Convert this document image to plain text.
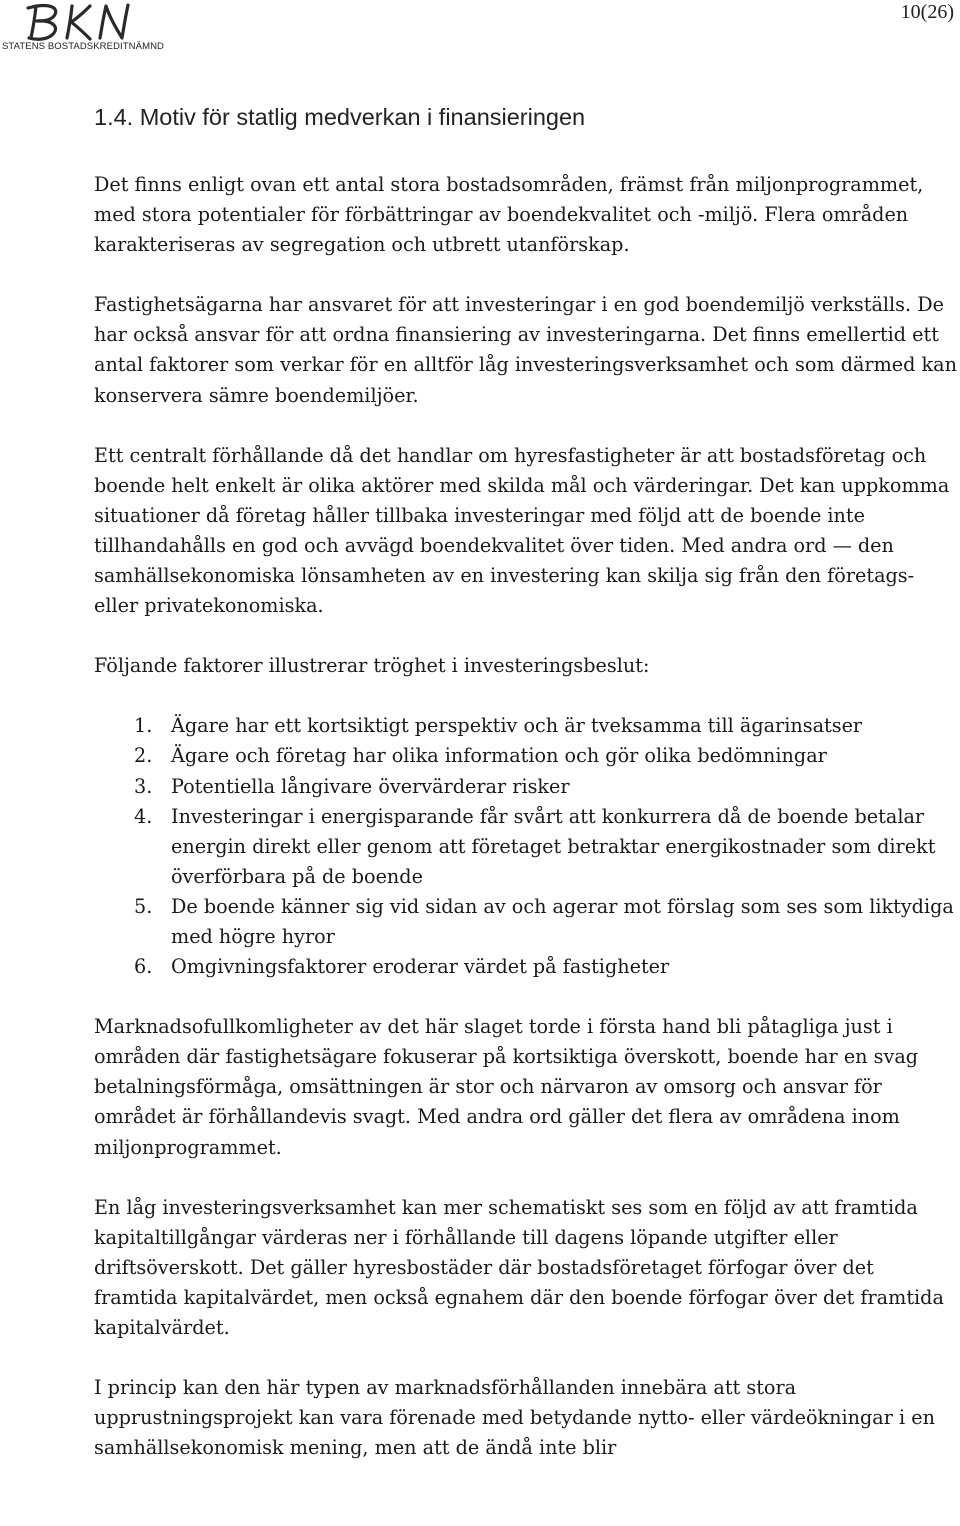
STATENS BOSTADSKREDITNÄMND
10(26)
1.4. Motiv för statlig medverkan i finansieringen

Det finns enligt ovan ett antal stora bostadsområden, främst från miljonprogrammet, med stora potentialer för förbättringar av boendekvalitet och -miljö. Flera områden karakteriseras av segregation och utbrett utanförskap.

Fastighetsägarna har ansvaret för att investeringar i en god boendemiljö verkställs. De har också ansvar för att ordna finansiering av investeringarna. Det finns emellertid ett antal faktorer som verkar för en alltför låg investeringsverksamhet och som därmed kan konservera sämre boendemiljöer.

Ett centralt förhållande då det handlar om hyresfastigheter är att bostadsföretag och boende helt enkelt är olika aktörer med skilda mål och värderingar. Det kan uppkomma situationer då företag håller tillbaka investeringar med följd att de boende inte tillhandahålls en god och avvägd boendekvalitet över tiden. Med andra ord — den samhällsekonomiska lönsamheten av en investering kan skilja sig från den företags- eller privatekonomiska.

Följande faktorer illustrerar tröghet i investeringsbeslut:

1. Ägare har ett kortsiktigt perspektiv och är tveksamma till ägarinsatser
2. Ägare och företag har olika information och gör olika bedömningar
3. Potentiella långivare övervärderar risker
4. Investeringar i energisparande får svårt att konkurrera då de boende betalar energin direkt eller genom att företaget betraktar energikostnader som direkt överförbara på de boende
5. De boende känner sig vid sidan av och agerar mot förslag som ses som liktydiga med högre hyror
6. Omgivningsfaktorer eroderar värdet på fastigheter

Marknadsofullkomligheter av det här slaget torde i första hand bli påtagliga just i områden där fastighetsägare fokuserar på kortsiktiga överskott, boende har en svag betalningsförmåga, omsättningen är stor och närvaron av omsorg och ansvar för området är förhållandevis svagt. Med andra ord gäller det flera av områdena inom miljonprogrammet.

En låg investeringsverksamhet kan mer schematiskt ses som en följd av att framtida kapitaltillgångar värderas ner i förhållande till dagens löpande utgifter eller driftsöverskott. Det gäller hyresbostäder där bostadsföretaget förfogar över det framtida kapitalvärdet, men också egnahem där den boende förfogar över det framtida kapitalvärdet.

I princip kan den här typen av marknadsförhållanden innebära att stora upprustningsprojekt kan vara förenade med betydande nytto- eller värdeökningar i en samhällsekonomisk mening, men att de ändå inte blir
